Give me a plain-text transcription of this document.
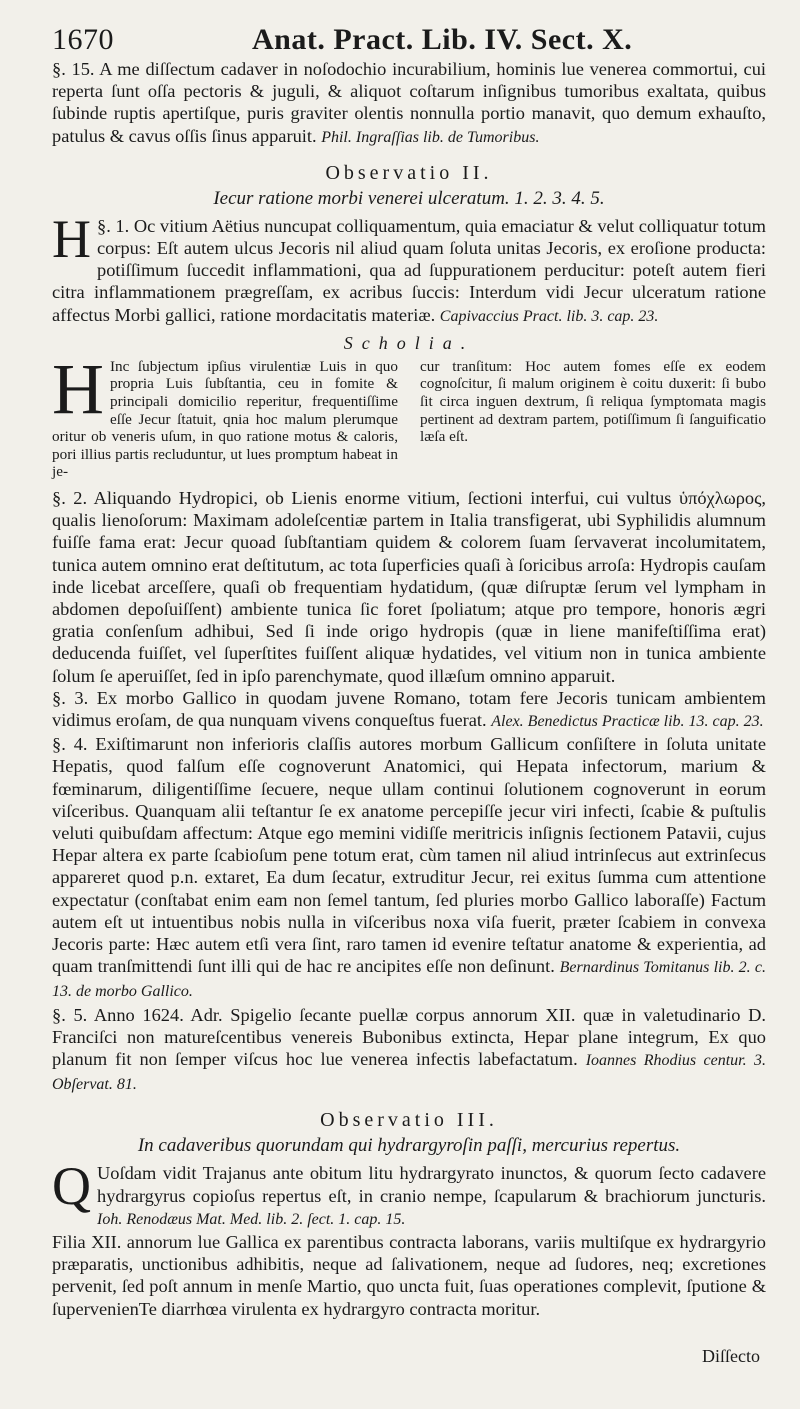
1670	Anat. Pract. Lib. IV. Sect. X.

§. 15. A me diſſectum cadaver in noſodochio incurabilium, hominis lue venerea commortui, cui reperta ſunt oſſa pectoris & juguli, & aliquot coſtarum inſignibus tumoribus exaltata, quibus ſubinde ruptis apertiſque, puris graviter olentis nonnulla portio manavit, quo demum exhauſto, patulus & cavus oſſis ſinus apparuit. Phil. Ingraſſias lib. de Tumoribus.

Observatio II.
Iecur ratione morbi venerei ulceratum. 1. 2. 3. 4. 5.

§. 1.
H Oc vitium Aëtius nuncupat colliquamentum, quia emaciatur & velut colliquatur totum corpus: Eſt autem ulcus Jecoris nil aliud quam ſoluta unitas Jecoris, ex eroſione producta: potiſſimum ſuccedit inflammationi, qua ad ſuppurationem perducitur: poteſt autem fieri citra inflammationem prægreſſam, ex acribus ſuccis: Interdum vidi Jecur ulceratum ratione affectus Morbi gallici, ratione mordacitatis materiæ. Capivaccius Pract. lib. 3. cap. 23.

Scholia.
H Inc ſubjectum ipſius virulentiæ Luis in quo propria Luis ſubſtantia, ceu in fomite & principali domicilio reperitur, frequentiſſime eſſe Jecur ſtatuit, qnia hoc malum plerumque oritur ob veneris uſum, in quo ratione motus & caloris, pori illius partis recluduntur, ut lues promptum habeat in je-
cur tranſitum: Hoc autem fomes eſſe ex eodem cognoſcitur, ſi malum originem è coitu duxerit: ſi bubo ſit circa inguen dextrum, ſi reliqua ſymptomata magis pertinent ad dextram partem, potiſſimum ſi ſanguificatio læſa eſt.

§. 2. Aliquando Hydropici, ob Lienis enorme vitium, ſectioni interfui, cui vultus ὑπόχλωρος, qualis lienoſorum: Maximam adoleſcentiæ partem in Italia transfigerat, ubi Syphilidis alumnum fuiſſe fama erat: Jecur quoad ſubſtantiam quidem & colorem ſuam ſervaverat incolumitatem, tunica autem omnino erat deſtitutum, ac tota ſuperficies quaſi à ſoricibus arroſa: Hydropis cauſam inde licebat arceſſere, quaſi ob frequentiam hydatidum, (quæ diſruptæ ſerum vel lympham in abdomen depoſuiſſent) ambiente tunica ſic foret ſpoliatum; atque pro tempore, honoris ægri gratia conſenſum adhibui, Sed ſi inde origo hydropis (quæ in liene manifeſtiſſima erat) deducenda fuiſſet, vel ſuperſtites fuiſſent aliquæ hydatides, vel vitium non in tunica ambiente ſolum ſe aperuiſſet, ſed in ipſo parenchymate, quod illæſum omnino apparuit.

§. 3. Ex morbo Gallico in quodam juvene Romano, totam fere Jecoris tunicam ambientem vidimus eroſam, de qua nunquam vivens conqueſtus fuerat. Alex. Benedictus Practicæ lib. 13. cap. 23.

§. 4. Exiſtimarunt non inferioris claſſis autores morbum Gallicum conſiſtere in ſoluta unitate Hepatis, quod falſum eſſe cognoverunt Anatomici, qui Hepata infectorum, marium & fœminarum, diligentiſſime ſecuere, neque ullam continui ſolutionem cognoverunt in eorum viſceribus. Quanquam alii teſtantur ſe ex anatome percepiſſe jecur viri infecti, ſcabie & puſtulis veluti quibuſdam affectum: Atque ego memini vidiſſe meritricis inſignis ſectionem Patavii, cujus Hepar altera ex parte ſcabioſum pene totum erat, cùm tamen nil aliud intrinſecus aut extrinſecus appareret quod p.n. extaret, Ea dum ſecatur, extruditur Jecur, rei exitus ſumma cum attentione expectatur (conſtabat enim eam non ſemel tantum, ſed pluries morbo Gallico laboraſſe) Factum autem eſt ut intuentibus nobis nulla in viſceribus noxa viſa fuerit, præter ſcabiem in convexa Jecoris parte: Hæc autem etſi vera ſint, raro tamen id evenire teſtatur anatome & experientia, ad quam tranſmittendi ſunt illi qui de hac re ancipites eſſe non deſinunt. Bernardinus Tomitanus lib. 2. c. 13. de morbo Gallico.

§. 5. Anno 1624. Adr. Spigelio ſecante puellæ corpus annorum XII. quæ in valetudinario D. Franciſci non matureſcentibus venereis Bubonibus extincta, Hepar plane integrum, Ex quo planum fit non ſemper viſcus hoc lue venerea infectis labefactatum. Ioannes Rhodius centur. 3. Obſervat. 81.

Observatio III.
In cadaveribus quorundam qui hydrargyroſin paſſi, mercurius repertus.

Q Uoſdam vidit Trajanus ante obitum litu hydrargyrato inunctos, & quorum ſecto cadavere hydrargyrus copioſus repertus eſt, in cranio nempe, ſcapularum & brachiorum juncturis. Ioh. Renodæus Mat. Med. lib. 2. ſect. 1. cap. 15.

Filia XII. annorum lue Gallica ex parentibus contracta laborans, variis multiſque ex hydrargyrio præparatis, unctionibus adhibitis, neque ad ſalivationem, neque ad ſudores, neq; excretiones pervenit, ſed poſt annum in menſe Martio, quo uncta fuit, ſuas operationes complevit, ſputione & ſupervenienTe diarrhœa virulenta ex hydrargyro contracta moritur.

Diſſecto
